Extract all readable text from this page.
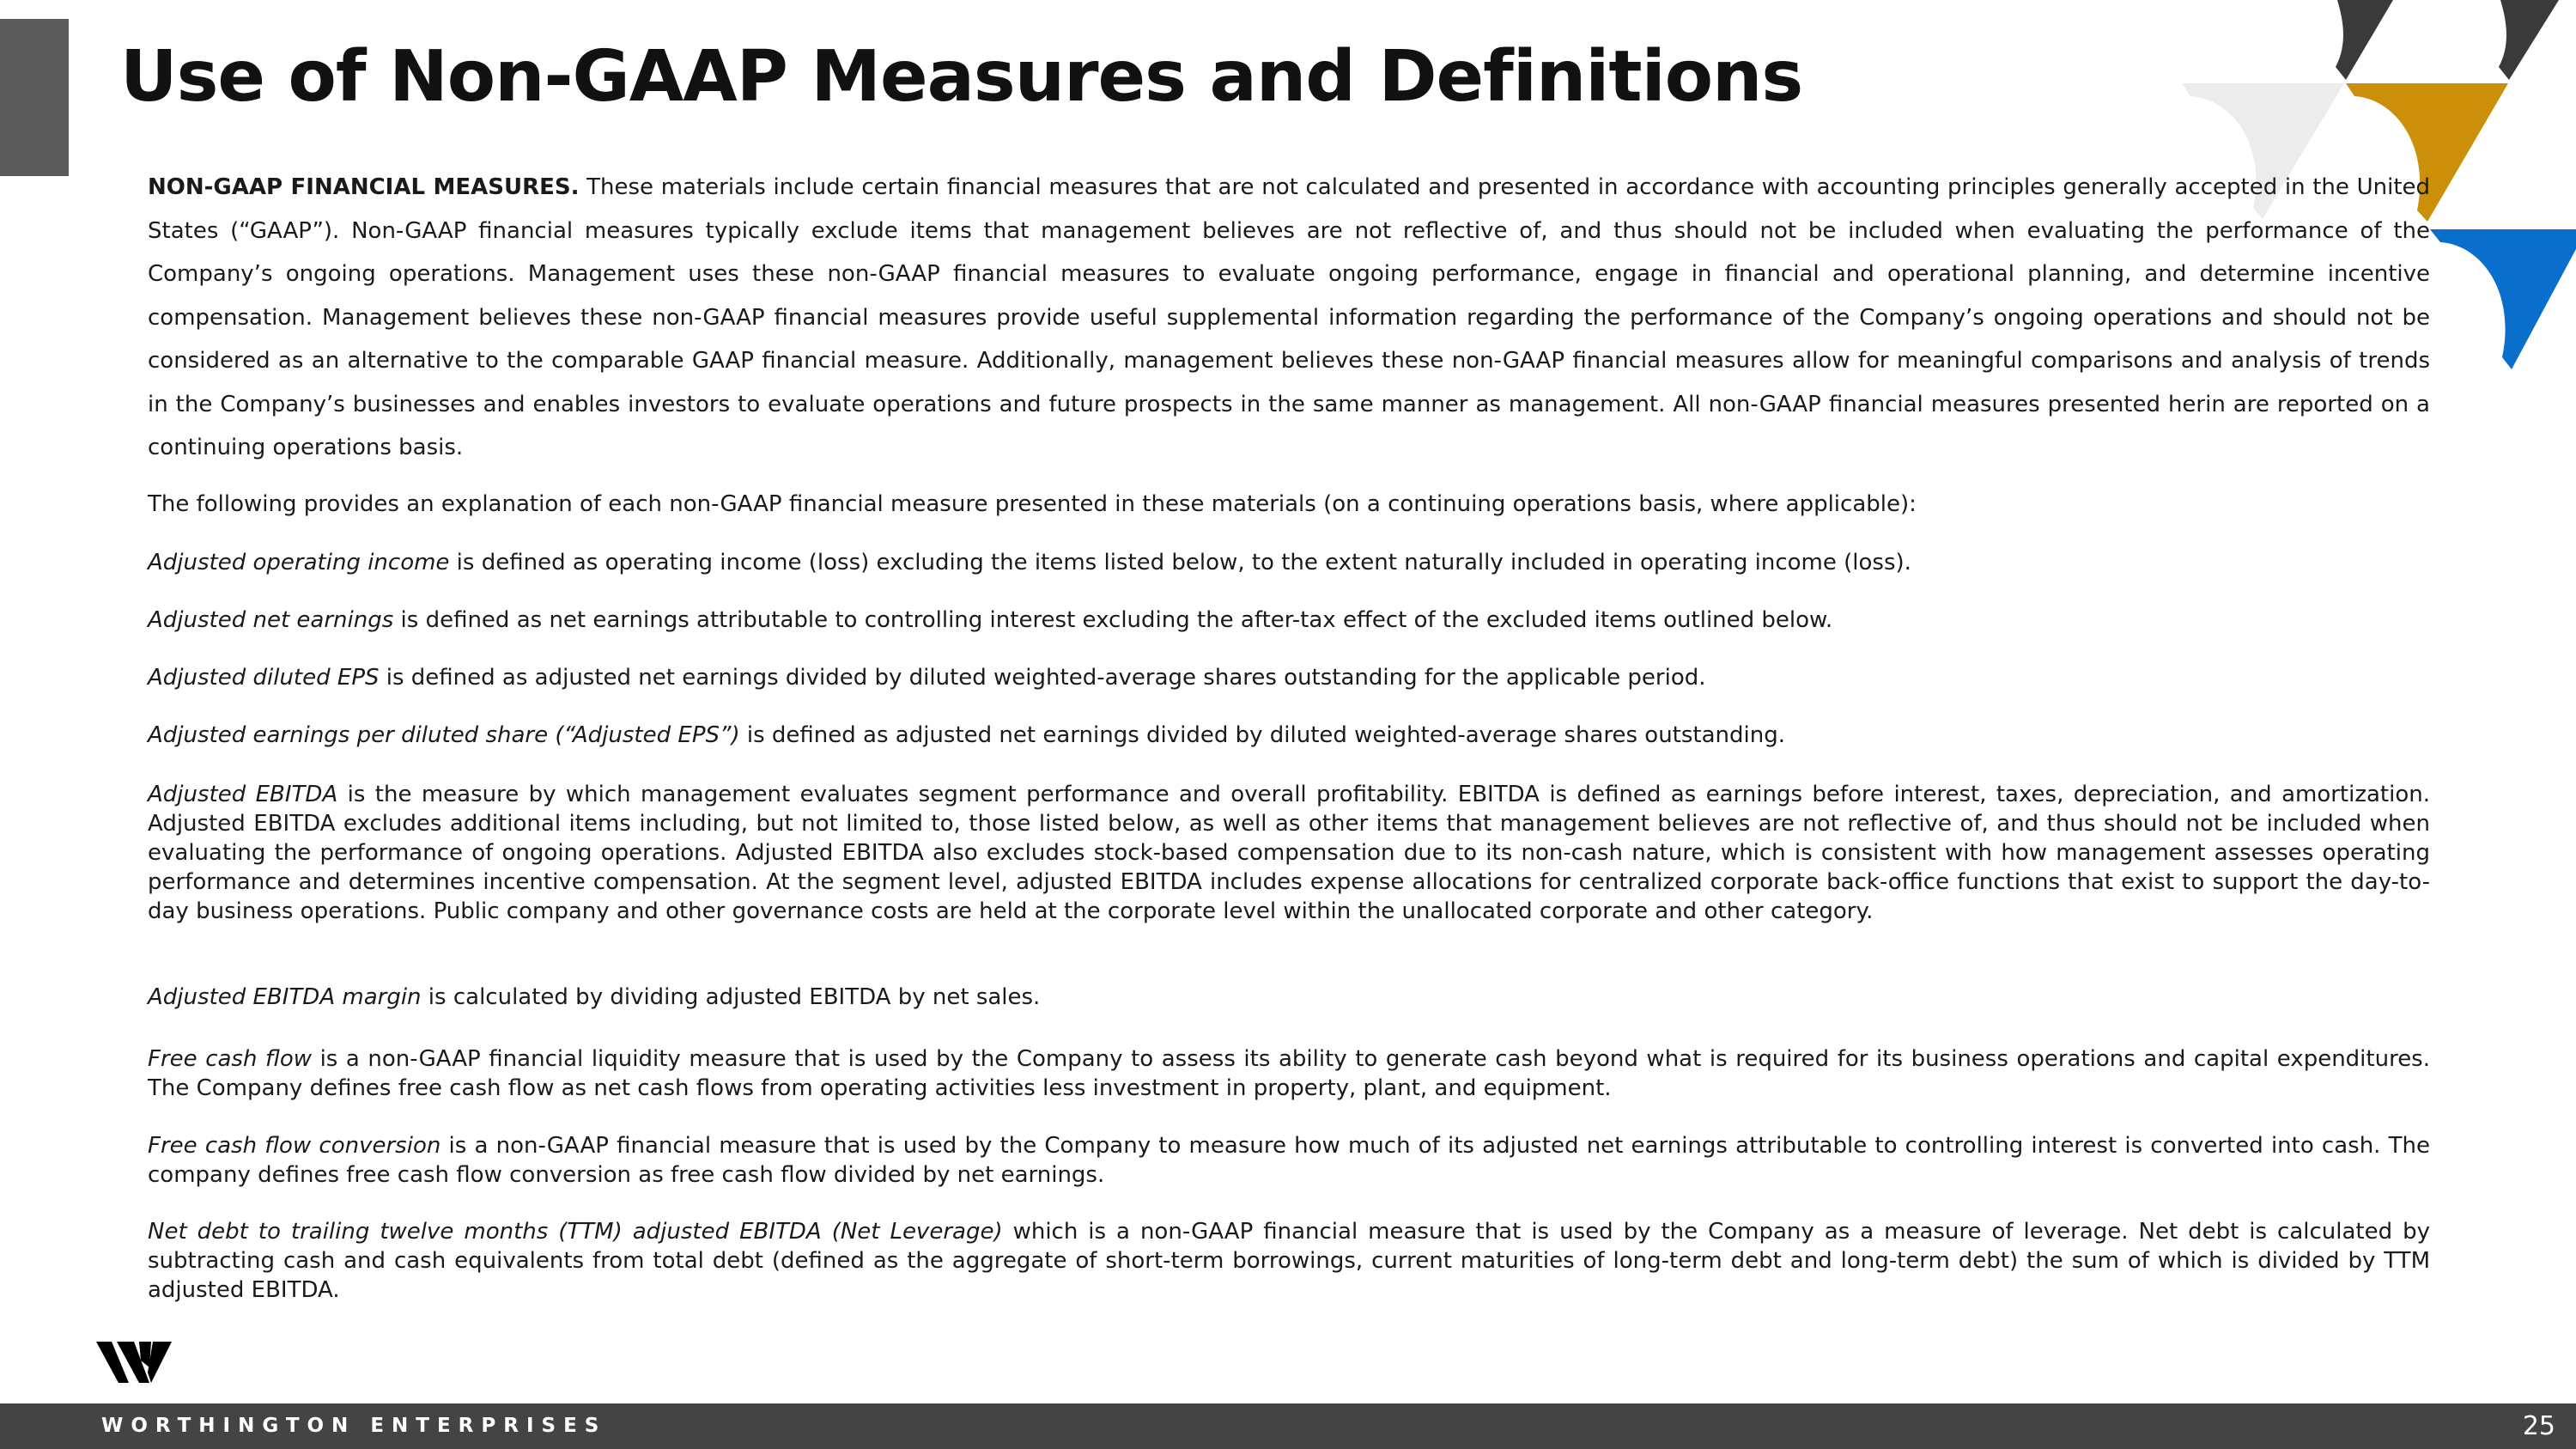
Use of Non-GAAP Measures and Definitions

NON-GAAP FINANCIAL MEASURES. These materials include certain financial measures that are not calculated and presented in accordance with accounting principles generally accepted in the United States (“GAAP”). Non-GAAP financial measures typically exclude items that management believes are not reflective of, and thus should not be included when evaluating the performance of the Company’s ongoing operations. Management uses these non-GAAP financial measures to evaluate ongoing performance, engage in financial and operational planning, and determine incentive compensation. Management believes these non-GAAP financial measures provide useful supplemental information regarding the performance of the Company’s ongoing operations and should not be considered as an alternative to the comparable GAAP financial measure. Additionally, management believes these non-GAAP financial measures allow for meaningful comparisons and analysis of trends in the Company’s businesses and enables investors to evaluate operations and future prospects in the same manner as management. All non-GAAP financial measures presented herin are reported on a continuing operations basis.

The following provides an explanation of each non-GAAP financial measure presented in these materials (on a continuing operations basis, where applicable):

Adjusted operating income is defined as operating income (loss) excluding the items listed below, to the extent naturally included in operating income (loss).

Adjusted net earnings is defined as net earnings attributable to controlling interest excluding the after-tax effect of the excluded items outlined below.

Adjusted diluted EPS is defined as adjusted net earnings divided by diluted weighted-average shares outstanding for the applicable period.

Adjusted earnings per diluted share (“Adjusted EPS”) is defined as adjusted net earnings divided by diluted weighted-average shares outstanding.

Adjusted EBITDA is the measure by which management evaluates segment performance and overall profitability. EBITDA is defined as earnings before interest, taxes, depreciation, and amortization. Adjusted EBITDA excludes additional items including, but not limited to, those listed below, as well as other items that management believes are not reflective of, and thus should not be included when evaluating the performance of ongoing operations. Adjusted EBITDA also excludes stock-based compensation due to its non-cash nature, which is consistent with how management assesses operating performance and determines incentive compensation. At the segment level, adjusted EBITDA includes expense allocations for centralized corporate back-office functions that exist to support the day-to-day business operations. Public company and other governance costs are held at the corporate level within the unallocated corporate and other category.

Adjusted EBITDA margin is calculated by dividing adjusted EBITDA by net sales.

Free cash flow is a non-GAAP financial liquidity measure that is used by the Company to assess its ability to generate cash beyond what is required for its business operations and capital expenditures. The Company defines free cash flow as net cash flows from operating activities less investment in property, plant, and equipment.

Free cash flow conversion is a non-GAAP financial measure that is used by the Company to measure how much of its adjusted net earnings attributable to controlling interest is converted into cash. The company defines free cash flow conversion as free cash flow divided by net earnings.

Net debt to trailing twelve months (TTM) adjusted EBITDA (Net Leverage) which is a non-GAAP financial measure that is used by the Company as a measure of leverage. Net debt is calculated by subtracting cash and cash equivalents from total debt (defined as the aggregate of short-term borrowings, current maturities of long-term debt and long-term debt) the sum of which is divided by TTM adjusted EBITDA.

WORTHINGTON ENTERPRISES	25
